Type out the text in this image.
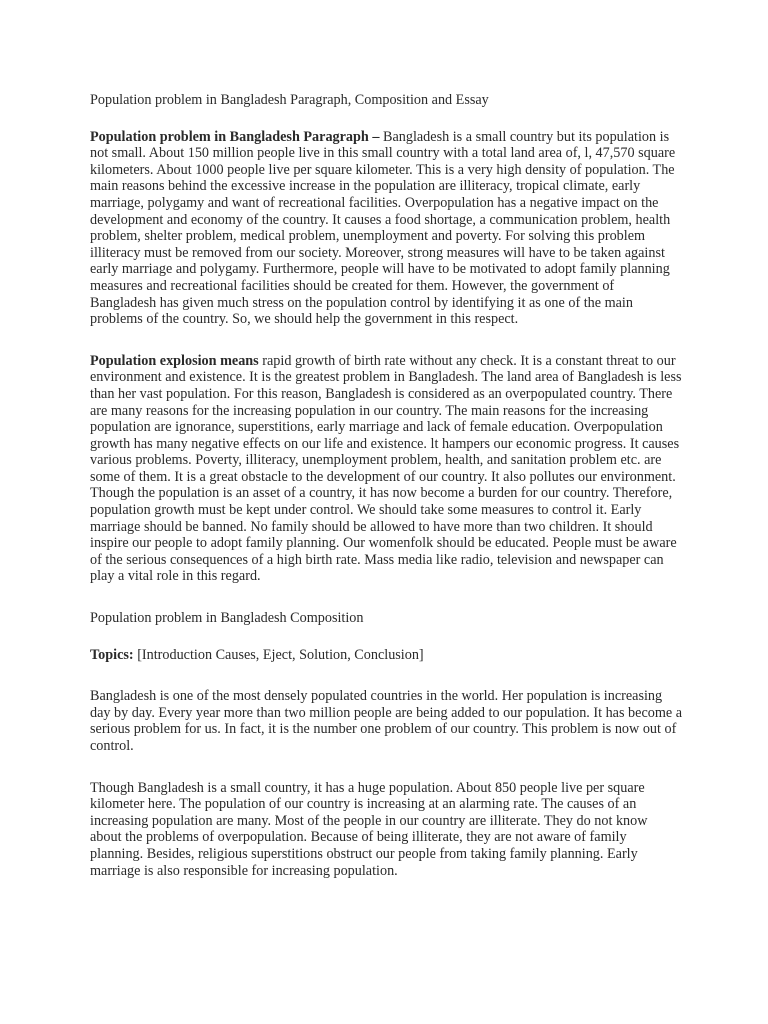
Population problem in Bangladesh Paragraph, Composition and Essay

Population problem in Bangladesh Paragraph – Bangladesh is a small country but its population is not small. About 150 million people live in this small country with a total land area of, l, 47,570 square kilometers. About 1000 people live per square kilometer. This is a very high density of population. The main reasons behind the excessive increase in the population are illiteracy, tropical climate, early marriage, polygamy and want of recreational facilities. Overpopulation has a negative impact on the development and economy of the country. It causes a food shortage, a communication problem, health problem, shelter problem, medical problem, unemployment and poverty. For solving this problem illiteracy must be removed from our society. Moreover, strong measures will have to be taken against early marriage and polygamy. Furthermore, people will have to be motivated to adopt family planning measures and recreational facilities should be created for them. However, the government of Bangladesh has given much stress on the population control by identifying it as one of the main problems of the country. So, we should help the government in this respect.

Population explosion means rapid growth of birth rate without any check. It is a constant threat to our environment and existence. It is the greatest problem in Bangladesh. The land area of Bangladesh is less than her vast population. For this reason, Bangladesh is considered as an overpopulated country. There are many reasons for the increasing population in our country. The main reasons for the increasing population are ignorance, superstitions, early marriage and lack of female education. Overpopulation growth has many negative effects on our life and existence. lt hampers our economic progress. It causes various problems. Poverty, illiteracy, unemployment problem, health, and sanitation problem etc. are some of them. It is a great obstacle to the development of our country. It also pollutes our environment. Though the population is an asset of a country, it has now become a burden for our country. Therefore, population growth must be kept under control. We should take some measures to control it. Early marriage should be banned. No family should be allowed to have more than two children. It should inspire our people to adopt family planning. Our womenfolk should be educated. People must be aware of the serious consequences of a high birth rate. Mass media like radio, television and newspaper can play a vital role in this regard.

Population problem in Bangladesh Composition

Topics: [Introduction Causes, Eject, Solution, Conclusion]

Bangladesh is one of the most densely populated countries in the world. Her population is increasing day by day. Every year more than two million people are being added to our population. It has become a serious problem for us. In fact, it is the number one problem of our country. This problem is now out of control.

Though Bangladesh is a small country, it has a huge population. About 850 people live per square kilometer here. The population of our country is increasing at an alarming rate. The causes of an increasing population are many. Most of the people in our country are illiterate. They do not know about the problems of overpopulation. Because of being illiterate, they are not aware of family planning. Besides, religious superstitions obstruct our people from taking family planning. Early marriage is also responsible for increasing population.
